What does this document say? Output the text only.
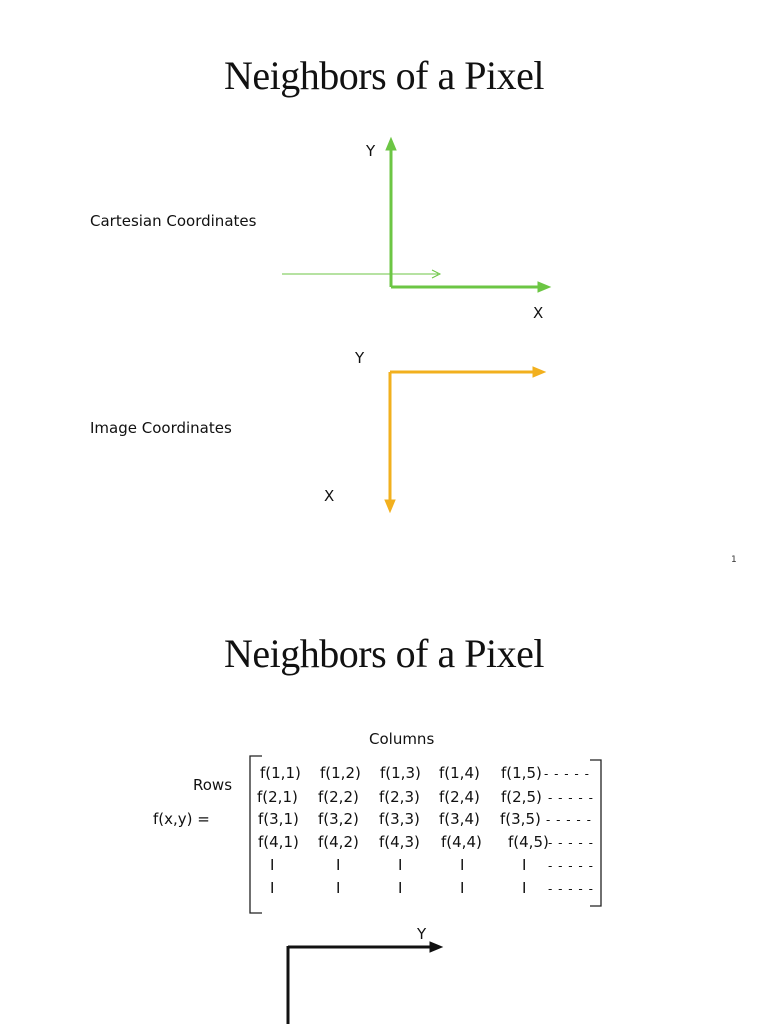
Neighbors of a Pixel
Cartesian Coordinates
Y
X
Image Coordinates
Y
X
1
Neighbors of a Pixel
Columns
Rows
f(x,y) =
f(1,1) f(1,2) f(1,3) f(1,4) f(1,5) - - - - -
f(2,1) f(2,2) f(2,3) f(2,4) f(2,5) - - - - -
f(3,1) f(3,2) f(3,3) f(3,4) f(3,5) - - - - -
f(4,1) f(4,2) f(4,3) f(4,4) f(4,5) - - - - -
I	I	I	I	I - - - - -
I	I	I	I	I - - - - -
Y
